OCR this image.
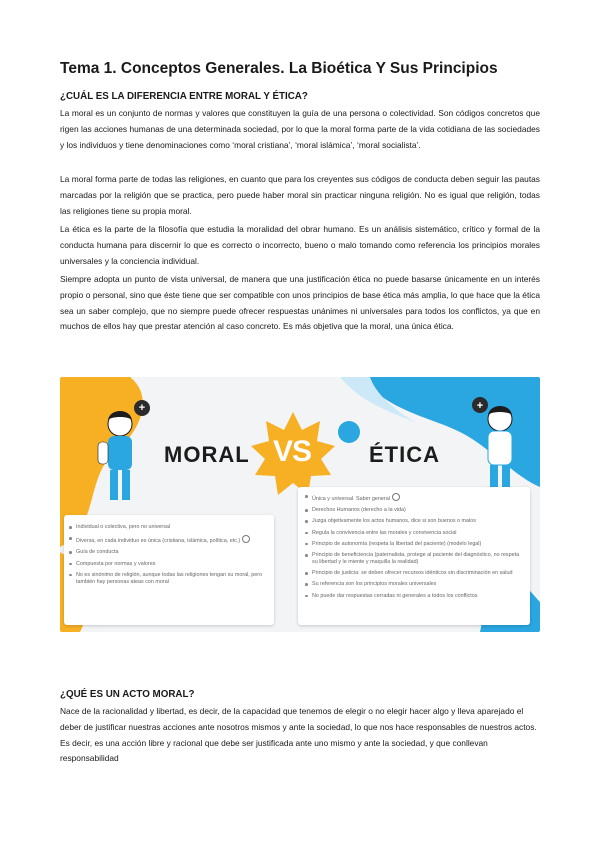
Tema 1. Conceptos Generales. La Bioética Y Sus Principios
¿CUÁL ES LA DIFERENCIA ENTRE MORAL Y ÉTICA?

La moral es un conjunto de normas y valores que constituyen la guía de una persona o colectividad. Son códigos concretos que rigen las acciones humanas de una determinada sociedad, por lo que la moral forma parte de la vida cotidiana de las sociedades y los individuos y tiene denominaciones como ‘moral cristiana’, ‘moral islámica’, ‘moral socialista’.

La moral forma parte de todas las religiones, en cuanto que para los creyentes sus códigos de conducta deben seguir las pautas marcadas por la religión que se practica, pero puede haber moral sin practicar ninguna religión. No es igual que religión, todas las religiones tiene su propia moral.

La ética es la parte de la filosofía que estudia la moralidad del obrar humano. Es un análisis sistemático, crítico y formal de la conducta humana para discernir lo que es correcto o incorrecto, bueno o malo tomando como referencia los principios morales universales y la conciencia individual.

Siempre adopta un punto de vista universal, de manera que una justificación ética no puede basarse únicamente en un interés propio o personal, sino que éste tiene que ser compatible con unos principios de base ética más amplia, lo que hace que la ética sea un saber complejo, que no siempre puede ofrecer respuestas unánimes ni universales para todos los conflictos, ya que en muchos de ellos hay que prestar atención al caso concreto. Es más objetiva que la moral, una única ética.

+	+
MORAL VS	ÉTICA
Individual o colectiva, pero no universal
Diversa, en cada individuo es única (cristiana, islámica, política, etc.)
Guía de conducta
Compuesta por normas y valores
No es sinónimo de religión, aunque todas las religiones tengan su moral, pero también hay personas ateas con moral
Única y universal. Saber general
Derechos Humanos (derecho a la vida)
Juzga objetivamente los actos humanos, dice si son buenos o malos
Regula la convivencia entre las morales y convivencia social
Principio de autonomía (respeta la libertad del paciente) (modelo legal)
Principio de beneficiencia (paternalista, protege al paciente del diagnóstico, no respeta su libertad y le miente y maquilla la realidad)
Principio de justicia: se deben ofrecer recursos idénticos sin discriminación en salud
Su referencia son los principios morales universales
No puede dar respuestas cerradas ni generales a todos los conflictos
¿QUÉ ES UN ACTO MORAL?

Nace de la racionalidad y libertad, es decir, de la capacidad que tenemos de elegir o no elegir hacer algo y lleva aparejado el deber de justificar nuestras acciones ante nosotros mismos y ante la sociedad, lo que nos hace responsables de nuestros actos. Es decir, es una acción libre y racional que debe ser justificada ante uno mismo y ante la sociedad, y que conllevan responsabilidad
